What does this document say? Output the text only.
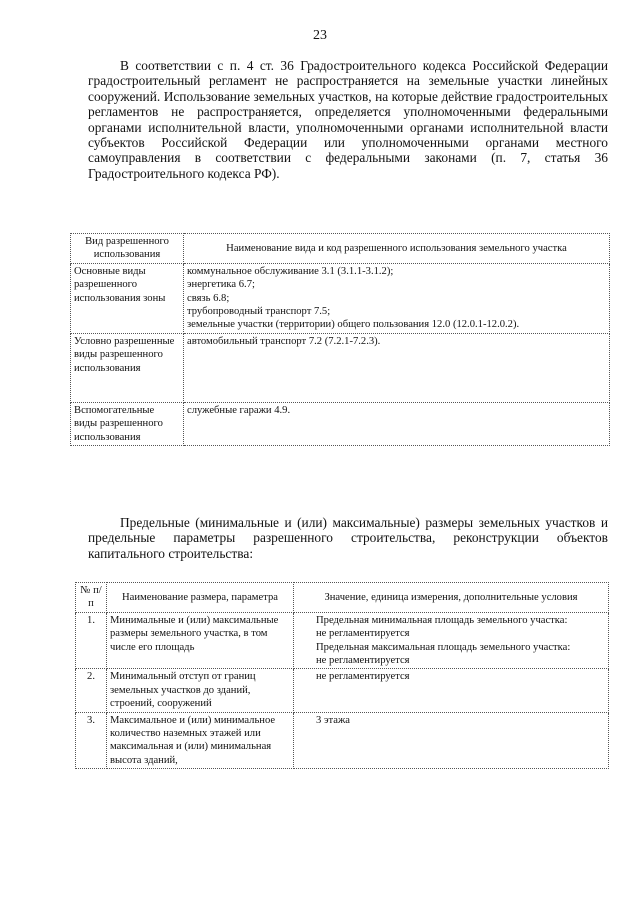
23

В соответствии с п. 4 ст. 36 Градостроительного кодекса Российской Федерации градостроительный регламент не распространяется на земельные участки линейных сооружений. Использование земельных участков, на которые действие градостроительных регламентов не распространяется, определяется уполномоченными федеральными органами исполнительной власти, уполномоченными органами исполнительной власти субъектов Российской Федерации или уполномоченными органами местного самоуправления в соответствии с федеральными законами (п. 7, статья 36 Градостроительного кодекса РФ).

Вид разрешенного использования	Наименование вида и код разрешенного использования земельного участка
Основные виды разрешенного использования зоны	коммунальное обслуживание 3.1 (3.1.1-3.1.2);
энергетика 6.7;
связь 6.8;
трубопроводный транспорт 7.5;
земельные участки (территории) общего пользования 12.0 (12.0.1-12.0.2).

Условно разрешенные виды разрешенного использования	автомобильный транспорт 7.2 (7.2.1-7.2.3).

Вспомогательные виды разрешенного использования	служебные гаражи 4.9.

Предельные (минимальные и (или) максимальные) размеры земельных участков и предельные параметры разрешенного строительства, реконструкции объектов капитального строительства:

№ п/п	Наименование размера, параметра	Значение, единица измерения, дополнительные условия
1.	Минимальные и (или) максимальные размеры земельного участка, в том числе его площадь	Предельная минимальная площадь земельного участка:
не регламентируется
Предельная максимальная площадь земельного участка:
не регламентируется

2.	Минимальный отступ от границ земельных участков до зданий, строений, сооружений	не регламентируется

3.	Максимальное и (или) минимальное количество наземных этажей или максимальная и (или) минимальная высота зданий,	3 этажа
